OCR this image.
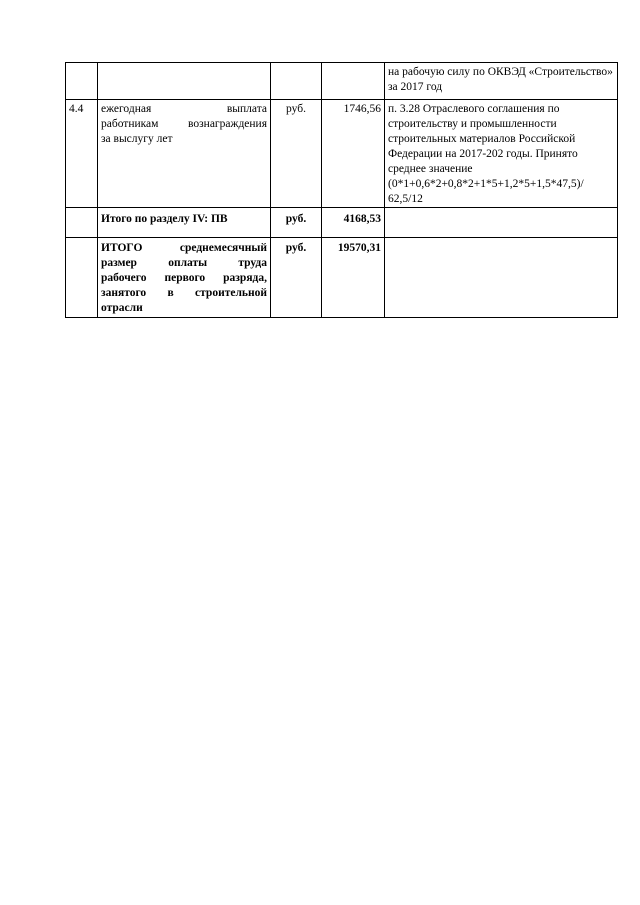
				на рабочую силу по ОКВЭД «Строительство» за 2017 год
4.4	ежегодная выплата
работникам вознаграждения
за выслугу лет	руб.	1746,56	п. 3.28 Отраслевого соглашения по строительству и промышленности строительных материалов Российской Федерации на 2017-202 годы. Принято среднее значение (0*1+0,6*2+0,8*2+1*5+1,2*5+1,5*47,5)/ 62,5/12
	Итого по разделу IV: ПВ	руб.	4168,53	

	ИТОГО среднемесячный
размер оплаты труда
рабочего первого разряда,
занятого в строительной
отрасли	руб.	19570,31	
